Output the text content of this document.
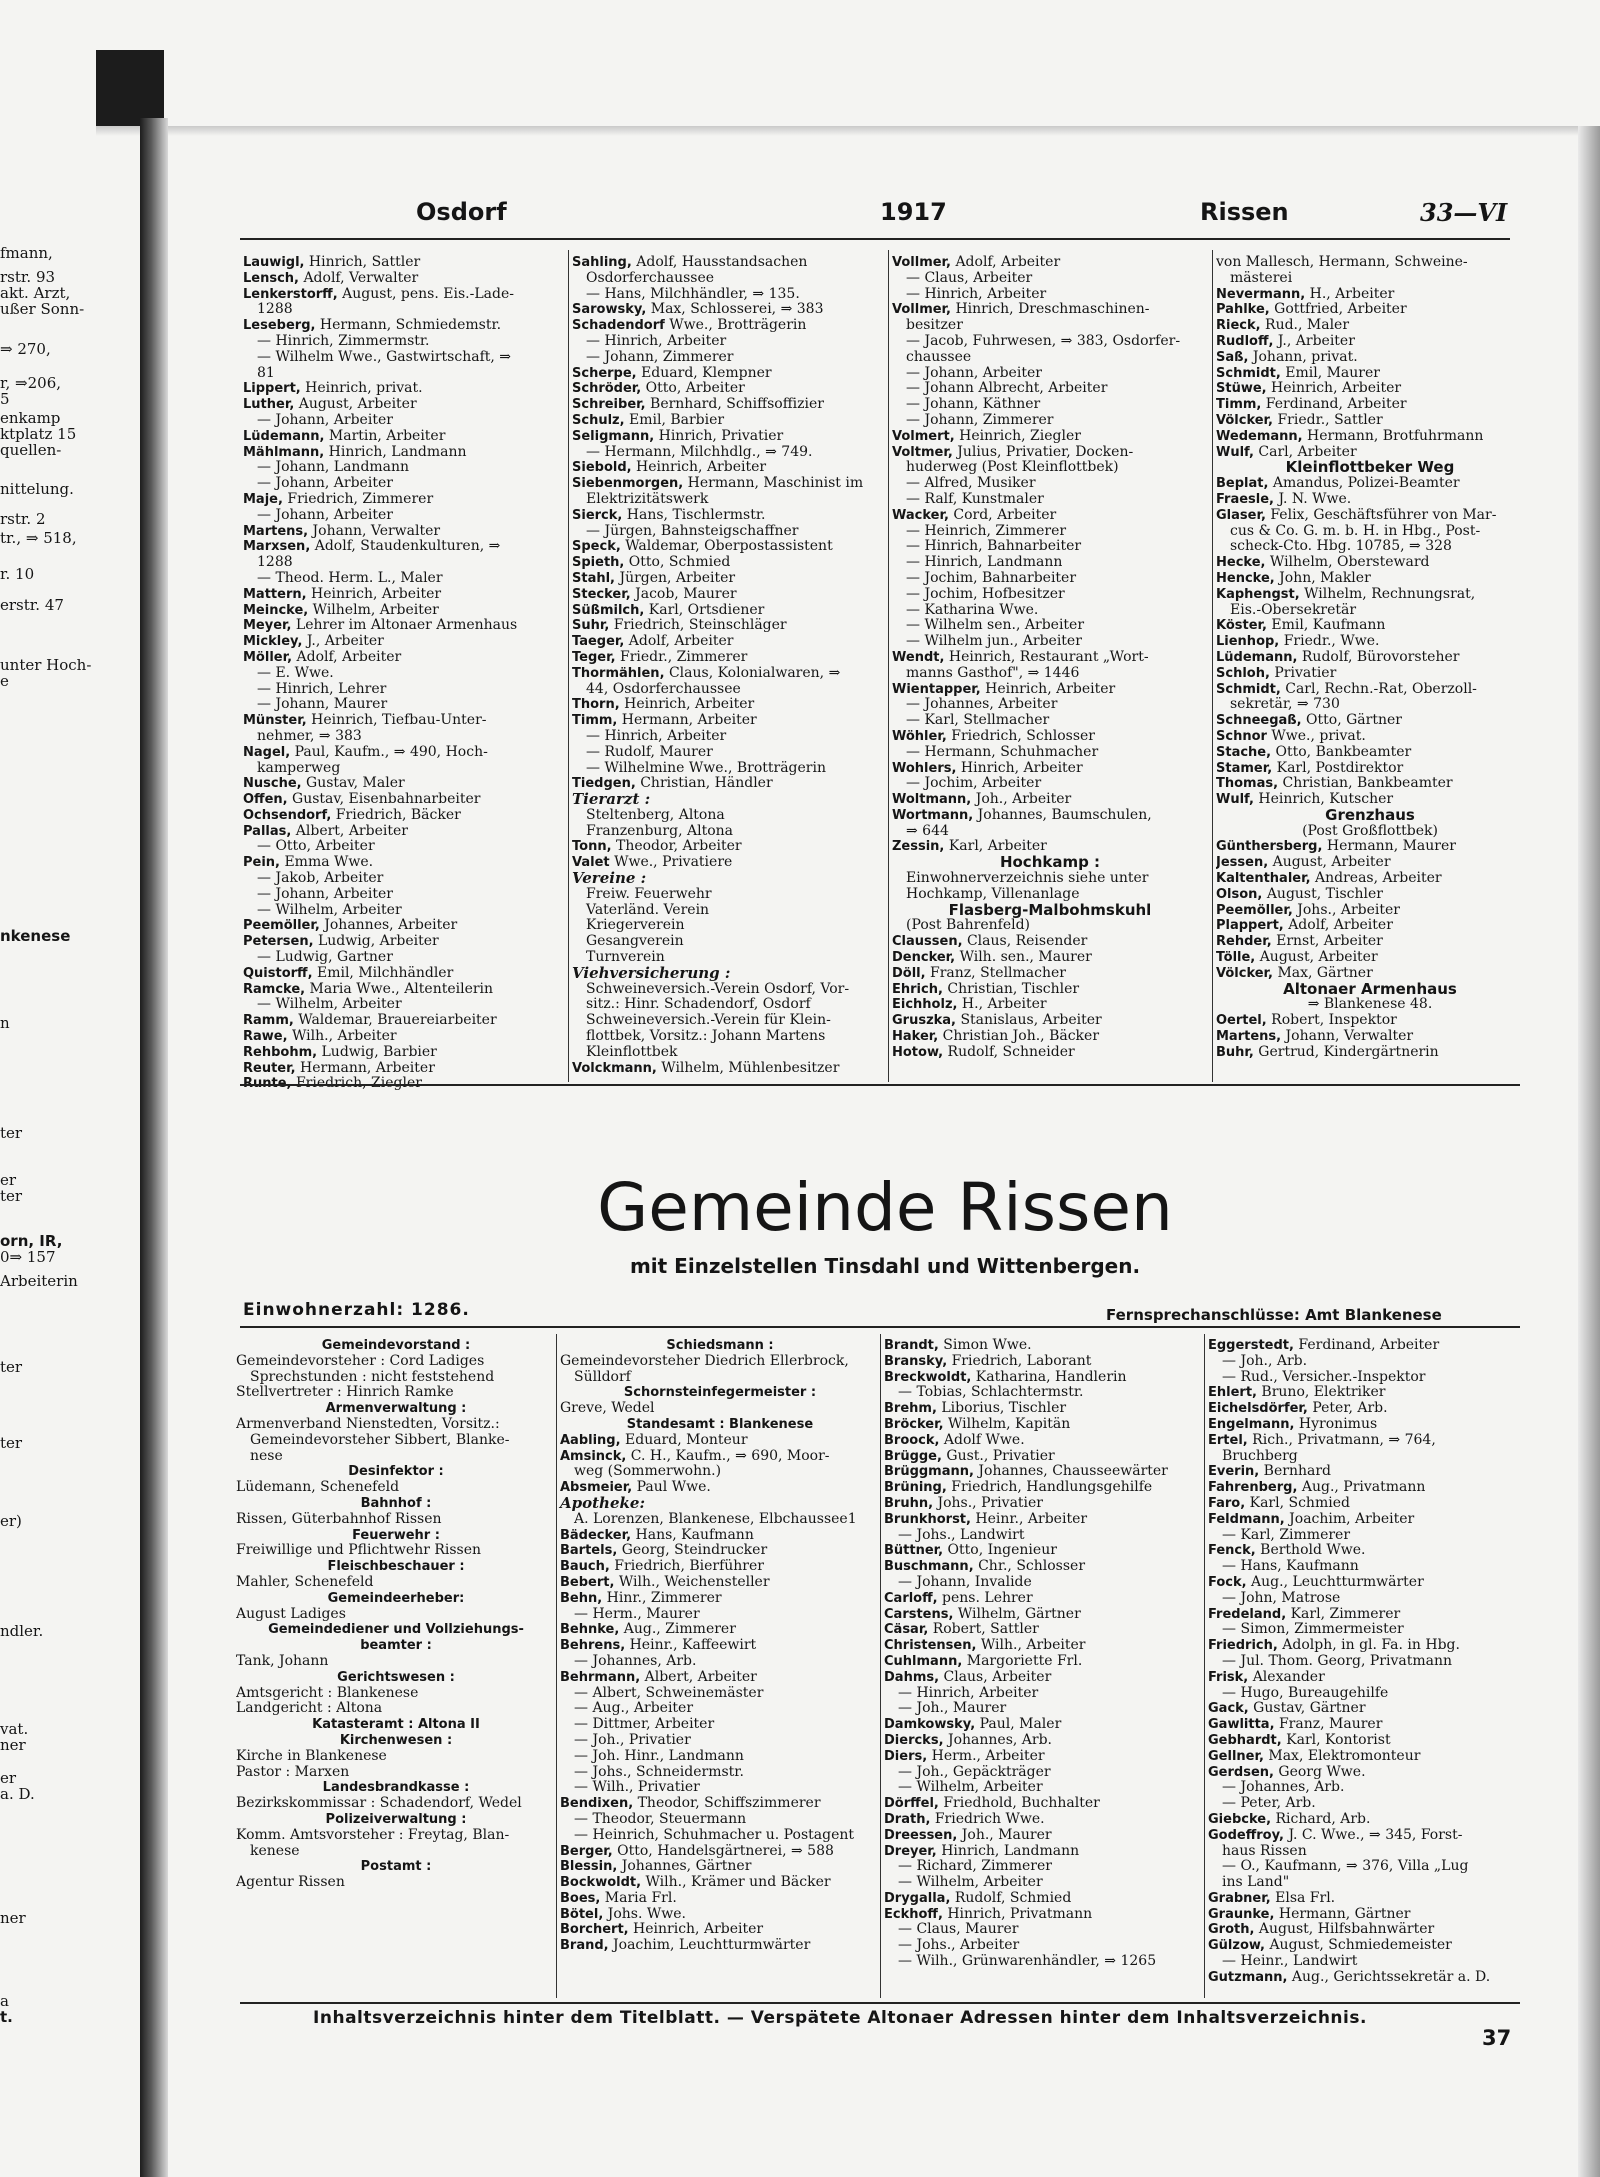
fmann,
rstr. 93
akt. Arzt,
ußer Sonn-
⇒ 270,
r, ⇒206,
5
enkamp
ktplatz 15
quellen-
nittelung.
rstr. 2
tr., ⇒ 518,
r. 10
erstr. 47
unter Hoch-
e
nkenese
n
ter
er
ter
orn, IR,
0⇒ 157
Arbeiterin
ter
ter
er)
ndler.
vat.
ner
er
a. D.
ner
a
t.
Osdorf	1917	Rissen	33—VI
Lauwigl, Hinrich, Sattler
Lensch, Adolf, Verwalter
Lenkerstorff, August, pens. Eis.-Lade-
 1288
Leseberg, Hermann, Schmiedemstr.
 — Hinrich, Zimmermstr.
 — Wilhelm Wwe., Gastwirtschaft, ⇒
 81
Lippert, Heinrich, privat.
Luther, August, Arbeiter
 — Johann, Arbeiter
Lüdemann, Martin, Arbeiter
Mählmann, Hinrich, Landmann
 — Johann, Landmann
 — Johann, Arbeiter
Maje, Friedrich, Zimmerer
 — Johann, Arbeiter
Martens, Johann, Verwalter
Marxsen, Adolf, Staudenkulturen, ⇒
 1288
 — Theod. Herm. L., Maler
Mattern, Heinrich, Arbeiter
Meincke, Wilhelm, Arbeiter
Meyer, Lehrer im Altonaer Armenhaus
Mickley, J., Arbeiter
Möller, Adolf, Arbeiter
 — E. Wwe.
 — Hinrich, Lehrer
 — Johann, Maurer
Münster, Heinrich, Tiefbau-Unter-
 nehmer, ⇒ 383
Nagel, Paul, Kaufm., ⇒ 490, Hoch-
 kamperweg
Nusche, Gustav, Maler
Offen, Gustav, Eisenbahnarbeiter
Ochsendorf, Friedrich, Bäcker
Pallas, Albert, Arbeiter
 — Otto, Arbeiter
Pein, Emma Wwe.
 — Jakob, Arbeiter
 — Johann, Arbeiter
 — Wilhelm, Arbeiter
Peemöller, Johannes, Arbeiter
Petersen, Ludwig, Arbeiter
 — Ludwig, Gartner
Quistorff, Emil, Milchhändler
Ramcke, Maria Wwe., Altenteilerin
 — Wilhelm, Arbeiter
Ramm, Waldemar, Brauereiarbeiter
Rawe, Wilh., Arbeiter
Rehbohm, Ludwig, Barbier
Reuter, Hermann, Arbeiter
Runte, Friedrich, Ziegler
Sahling, Adolf, Hausstandsachen
 Osdorferchaussee
 — Hans, Milchhändler, ⇒ 135.
Sarowsky, Max, Schlosserei, ⇒ 383
Schadendorf Wwe., Brotträgerin
 — Hinrich, Arbeiter
 — Johann, Zimmerer
Scherpe, Eduard, Klempner
Schröder, Otto, Arbeiter
Schreiber, Bernhard, Schiffsoffizier
Schulz, Emil, Barbier
Seligmann, Hinrich, Privatier
 — Hermann, Milchhdlg., ⇒ 749.
Siebold, Heinrich, Arbeiter
Siebenmorgen, Hermann, Maschinist im
 Elektrizitätswerk
Sierck, Hans, Tischlermstr.
 — Jürgen, Bahnsteigschaffner
Speck, Waldemar, Oberpostassistent
Spieth, Otto, Schmied
Stahl, Jürgen, Arbeiter
Stecker, Jacob, Maurer
Süßmilch, Karl, Ortsdiener
Suhr, Friedrich, Steinschläger
Taeger, Adolf, Arbeiter
Teger, Friedr., Zimmerer
Thormählen, Claus, Kolonialwaren, ⇒
 44, Osdorferchaussee
Thorn, Heinrich, Arbeiter
Timm, Hermann, Arbeiter
 — Hinrich, Arbeiter
 — Rudolf, Maurer
 — Wilhelmine Wwe., Brotträgerin
Tiedgen, Christian, Händler
Tierarzt :
 Steltenberg, Altona
 Franzenburg, Altona
Tonn, Theodor, Arbeiter
Valet Wwe., Privatiere
Vereine :
 Freiw. Feuerwehr
 Vaterländ. Verein
 Kriegerverein
 Gesangverein
 Turnverein
Viehversicherung :
 Schweineversich.-Verein Osdorf, Vor-
 sitz.: Hinr. Schadendorf, Osdorf
 Schweineversich.-Verein für Klein-
 flottbek, Vorsitz.: Johann Martens
 Kleinflottbek
Volckmann, Wilhelm, Mühlenbesitzer
Vollmer, Adolf, Arbeiter
 — Claus, Arbeiter
 — Hinrich, Arbeiter
Vollmer, Hinrich, Dreschmaschinen-
 besitzer
 — Jacob, Fuhrwesen, ⇒ 383, Osdorfer-
 chaussee
 — Johann, Arbeiter
 — Johann Albrecht, Arbeiter
 — Johann, Käthner
 — Johann, Zimmerer
Volmert, Heinrich, Ziegler
Voltmer, Julius, Privatier, Docken-
 huderweg (Post Kleinflottbek)
 — Alfred, Musiker
 — Ralf, Kunstmaler
Wacker, Cord, Arbeiter
 — Heinrich, Zimmerer
 — Hinrich, Bahnarbeiter
 — Hinrich, Landmann
 — Jochim, Bahnarbeiter
 — Jochim, Hofbesitzer
 — Katharina Wwe.
 — Wilhelm sen., Arbeiter
 — Wilhelm jun., Arbeiter
Wendt, Heinrich, Restaurant „Wort-
 manns Gasthof", ⇒ 1446
Wientapper, Heinrich, Arbeiter
 — Johannes, Arbeiter
 — Karl, Stellmacher
Wöhler, Friedrich, Schlosser
 — Hermann, Schuhmacher
Wohlers, Hinrich, Arbeiter
 — Jochim, Arbeiter
Woltmann, Joh., Arbeiter
Wortmann, Johannes, Baumschulen,
 ⇒ 644
Zessin, Karl, Arbeiter
Hochkamp :
 Einwohnerverzeichnis siehe unter
 Hochkamp, Villenanlage
Flasberg-Malbohmskuhl
 (Post Bahrenfeld)
Claussen, Claus, Reisender
Dencker, Wilh. sen., Maurer
Döll, Franz, Stellmacher
Ehrich, Christian, Tischler
Eichholz, H., Arbeiter
Gruszka, Stanislaus, Arbeiter
Haker, Christian Joh., Bäcker
Hotow, Rudolf, Schneider
von Mallesch, Hermann, Schweine-
 mästerei
Nevermann, H., Arbeiter
Pahlke, Gottfried, Arbeiter
Rieck, Rud., Maler
Rudloff, J., Arbeiter
Saß, Johann, privat.
Schmidt, Emil, Maurer
Stüwe, Heinrich, Arbeiter
Timm, Ferdinand, Arbeiter
Völcker, Friedr., Sattler
Wedemann, Hermann, Brotfuhrmann
Wulf, Carl, Arbeiter
Kleinflottbeker Weg
Beplat, Amandus, Polizei-Beamter
Fraesle, J. N. Wwe.
Glaser, Felix, Geschäftsführer von Mar-
 cus & Co. G. m. b. H. in Hbg., Post-
 scheck-Cto. Hbg. 10785, ⇒ 328
Hecke, Wilhelm, Obersteward
Hencke, John, Makler
Kaphengst, Wilhelm, Rechnungsrat,
 Eis.-Obersekretär
Köster, Emil, Kaufmann
Lienhop, Friedr., Wwe.
Lüdemann, Rudolf, Bürovorsteher
Schloh, Privatier
Schmidt, Carl, Rechn.-Rat, Oberzoll-
 sekretär, ⇒ 730
Schneegaß, Otto, Gärtner
Schnor Wwe., privat.
Stache, Otto, Bankbeamter
Stamer, Karl, Postdirektor
Thomas, Christian, Bankbeamter
Wulf, Heinrich, Kutscher
Grenzhaus
(Post Großflottbek)
Günthersberg, Hermann, Maurer
Jessen, August, Arbeiter
Kaltenthaler, Andreas, Arbeiter
Olson, August, Tischler
Peemöller, Johs., Arbeiter
Plappert, Adolf, Arbeiter
Rehder, Ernst, Arbeiter
Tölle, August, Arbeiter
Völcker, Max, Gärtner
Altonaer Armenhaus
⇒ Blankenese 48.
Oertel, Robert, Inspektor
Martens, Johann, Verwalter
Buhr, Gertrud, Kindergärtnerin
Gemeinde Rissen
mit Einzelstellen Tinsdahl und Wittenbergen.
Einwohnerzahl: 1286.	Fernsprechanschlüsse: Amt Blankenese
Gemeindevorstand :
Gemeindevorsteher : Cord Ladiges
 Sprechstunden : nicht feststehend
Stellvertreter : Hinrich Ramke
Armenverwaltung :
Armenverband Nienstedten, Vorsitz.:
 Gemeindevorsteher Sibbert, Blanke-
 nese
Desinfektor :
Lüdemann, Schenefeld
Bahnhof :
Rissen, Güterbahnhof Rissen
Feuerwehr :
Freiwillige und Pflichtwehr Rissen
Fleischbeschauer :
Mahler, Schenefeld
Gemeindeerheber:
August Ladiges
Gemeindediener und Vollziehungs-
beamter :
Tank, Johann
Gerichtswesen :
Amtsgericht : Blankenese
Landgericht : Altona
Katasteramt : Altona II
Kirchenwesen :
Kirche in Blankenese
Pastor : Marxen
Landesbrandkasse :
Bezirkskommissar : Schadendorf, Wedel
Polizeiverwaltung :
Komm. Amtsvorsteher : Freytag, Blan-
 kenese
Postamt :
Agentur Rissen
Schiedsmann :
Gemeindevorsteher Diedrich Ellerbrock,
 Sülldorf
Schornsteinfegermeister :
Greve, Wedel
Standesamt : Blankenese
Aabling, Eduard, Monteur
Amsinck, C. H., Kaufm., ⇒ 690, Moor-
 weg (Sommerwohn.)
Absmeier, Paul Wwe.
Apotheke:
 A. Lorenzen, Blankenese, Elbchaussee1
Bädecker, Hans, Kaufmann
Bartels, Georg, Steindrucker
Bauch, Friedrich, Bierführer
Bebert, Wilh., Weichensteller
Behn, Hinr., Zimmerer
 — Herm., Maurer
Behnke, Aug., Zimmerer
Behrens, Heinr., Kaffeewirt
 — Johannes, Arb.
Behrmann, Albert, Arbeiter
 — Albert, Schweinemäster
 — Aug., Arbeiter
 — Dittmer, Arbeiter
 — Joh., Privatier
 — Joh. Hinr., Landmann
 — Johs., Schneidermstr.
 — Wilh., Privatier
Bendixen, Theodor, Schiffszimmerer
 — Theodor, Steuermann
 — Heinrich, Schuhmacher u. Postagent
Berger, Otto, Handelsgärtnerei, ⇒ 588
Blessin, Johannes, Gärtner
Bockwoldt, Wilh., Krämer und Bäcker
Boes, Maria Frl.
Bötel, Johs. Wwe.
Borchert, Heinrich, Arbeiter
Brand, Joachim, Leuchtturmwärter
Brandt, Simon Wwe.
Bransky, Friedrich, Laborant
Breckwoldt, Katharina, Handlerin
 — Tobias, Schlachtermstr.
Brehm, Liborius, Tischler
Bröcker, Wilhelm, Kapitän
Broock, Adolf Wwe.
Brügge, Gust., Privatier
Brüggmann, Johannes, Chausseewärter
Brüning, Friedrich, Handlungsgehilfe
Bruhn, Johs., Privatier
Brunkhorst, Heinr., Arbeiter
 — Johs., Landwirt
Büttner, Otto, Ingenieur
Buschmann, Chr., Schlosser
 — Johann, Invalide
Carloff, pens. Lehrer
Carstens, Wilhelm, Gärtner
Cäsar, Robert, Sattler
Christensen, Wilh., Arbeiter
Cuhlmann, Margoriette Frl.
Dahms, Claus, Arbeiter
 — Hinrich, Arbeiter
 — Joh., Maurer
Damkowsky, Paul, Maler
Diercks, Johannes, Arb.
Diers, Herm., Arbeiter
 — Joh., Gepäckträger
 — Wilhelm, Arbeiter
Dörffel, Friedhold, Buchhalter
Drath, Friedrich Wwe.
Dreessen, Joh., Maurer
Dreyer, Hinrich, Landmann
 — Richard, Zimmerer
 — Wilhelm, Arbeiter
Drygalla, Rudolf, Schmied
Eckhoff, Hinrich, Privatmann
 — Claus, Maurer
 — Johs., Arbeiter
 — Wilh., Grünwarenhändler, ⇒ 1265
Eggerstedt, Ferdinand, Arbeiter
 — Joh., Arb.
 — Rud., Versicher.-Inspektor
Ehlert, Bruno, Elektriker
Eichelsdörfer, Peter, Arb.
Engelmann, Hyronimus
Ertel, Rich., Privatmann, ⇒ 764,
 Bruchberg
Everin, Bernhard
Fahrenberg, Aug., Privatmann
Faro, Karl, Schmied
Feldmann, Joachim, Arbeiter
 — Karl, Zimmerer
Fenck, Berthold Wwe.
 — Hans, Kaufmann
Fock, Aug., Leuchtturmwärter
 — John, Matrose
Fredeland, Karl, Zimmerer
 — Simon, Zimmermeister
Friedrich, Adolph, in gl. Fa. in Hbg.
 — Jul. Thom. Georg, Privatmann
Frisk, Alexander
 — Hugo, Bureaugehilfe
Gack, Gustav, Gärtner
Gawlitta, Franz, Maurer
Gebhardt, Karl, Kontorist
Gellner, Max, Elektromonteur
Gerdsen, Georg Wwe.
 — Johannes, Arb.
 — Peter, Arb.
Giebcke, Richard, Arb.
Godeffroy, J. C. Wwe., ⇒ 345, Forst-
 haus Rissen
 — O., Kaufmann, ⇒ 376, Villa „Lug
 ins Land"
Grabner, Elsa Frl.
Graunke, Hermann, Gärtner
Groth, August, Hilfsbahnwärter
Gülzow, August, Schmiedemeister
 — Heinr., Landwirt
Gutzmann, Aug., Gerichtssekretär a. D.
Inhaltsverzeichnis hinter dem Titelblatt. — Verspätete Altonaer Adressen hinter dem Inhaltsverzeichnis.
37
